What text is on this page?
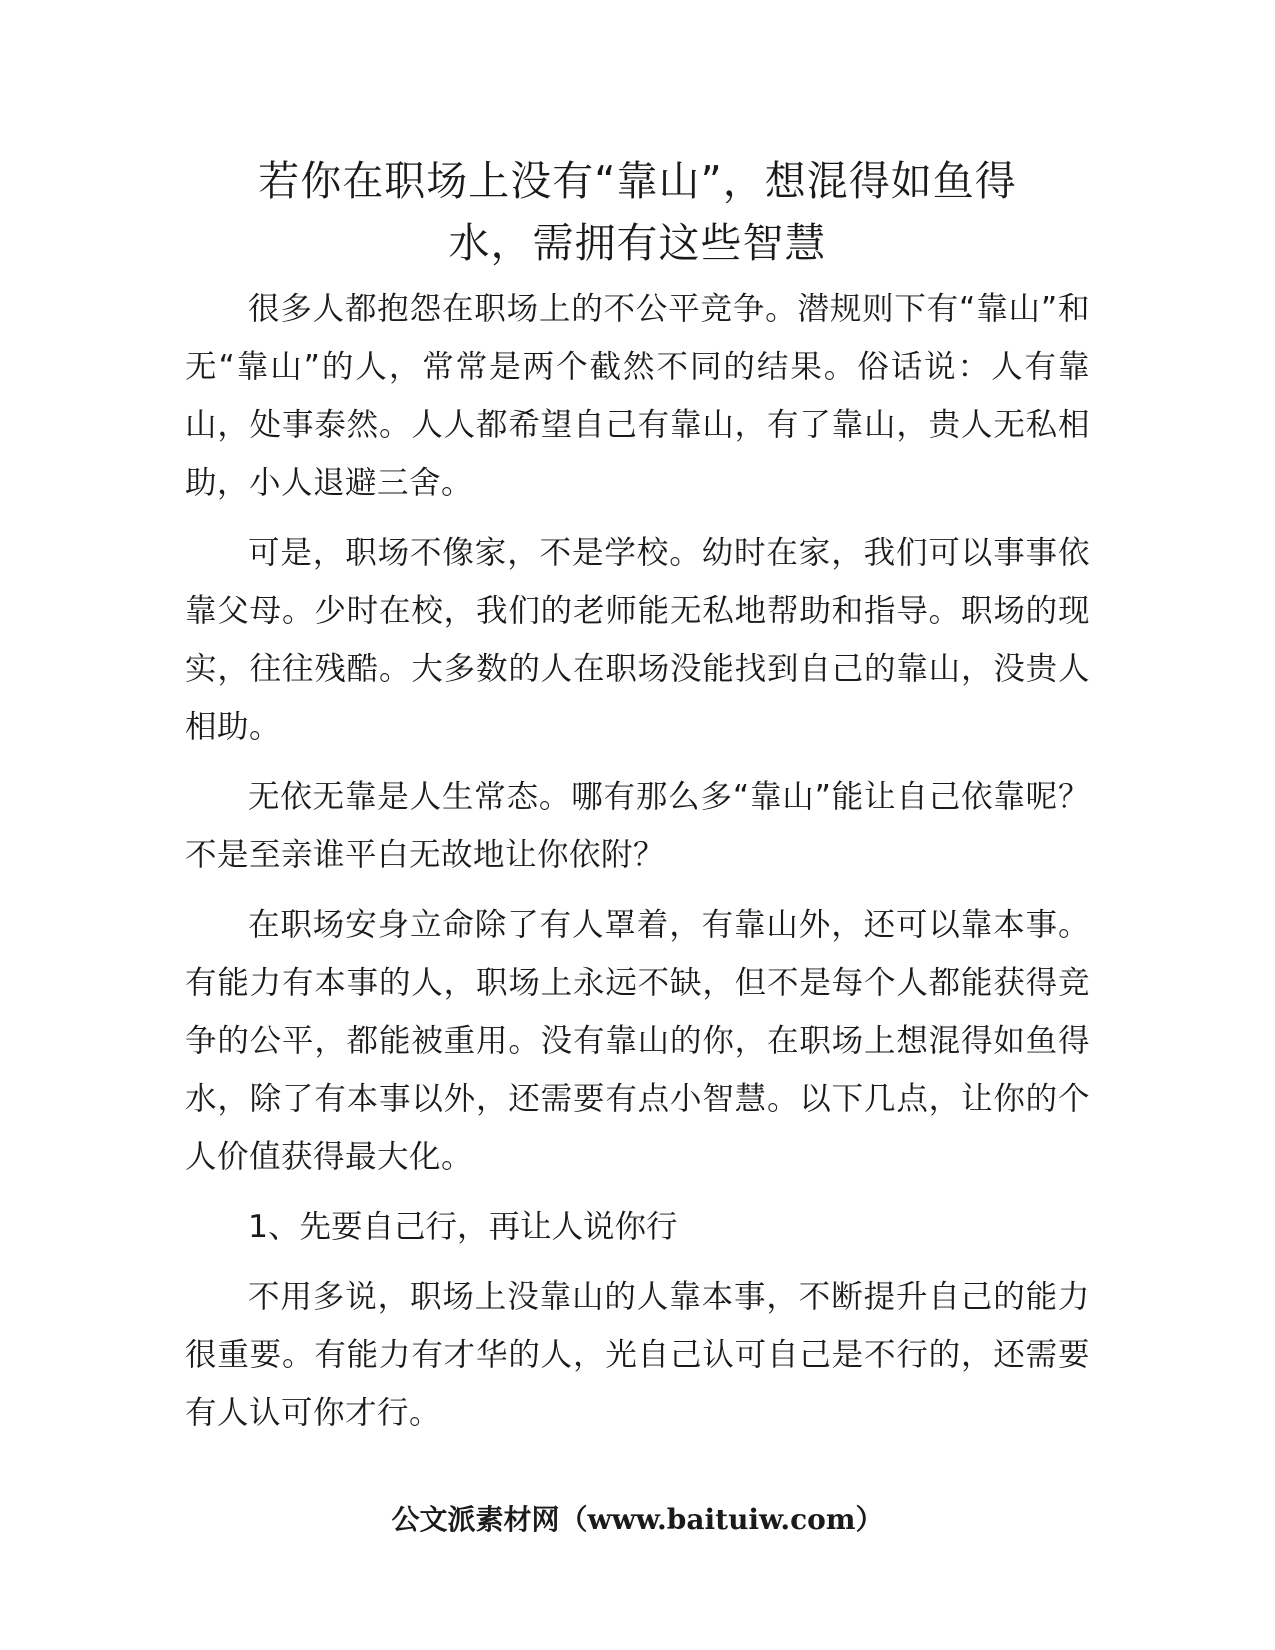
若你在职场上没有“靠山”，想混得如鱼得
水，需拥有这些智慧

很多人都抱怨在职场上的不公平竞争。潜规则下有“靠山”和无“靠山”的人，常常是两个截然不同的结果。俗话说：人有靠山，处事泰然。人人都希望自己有靠山，有了靠山，贵人无私相助，小人退避三舍。

可是，职场不像家，不是学校。幼时在家，我们可以事事依靠父母。少时在校，我们的老师能无私地帮助和指导。职场的现实，往往残酷。大多数的人在职场没能找到自己的靠山，没贵人相助。

无依无靠是人生常态。哪有那么多“靠山”能让自己依靠呢？不是至亲谁平白无故地让你依附？

在职场安身立命除了有人罩着，有靠山外，还可以靠本事。有能力有本事的人，职场上永远不缺，但不是每个人都能获得竞争的公平，都能被重用。没有靠山的你，在职场上想混得如鱼得水，除了有本事以外，还需要有点小智慧。以下几点，让你的个人价值获得最大化。

1、先要自己行，再让人说你行

不用多说，职场上没靠山的人靠本事，不断提升自己的能力很重要。有能力有才华的人，光自己认可自己是不行的，还需要有人认可你才行。

公文派素材网（www.baituiw.com）
